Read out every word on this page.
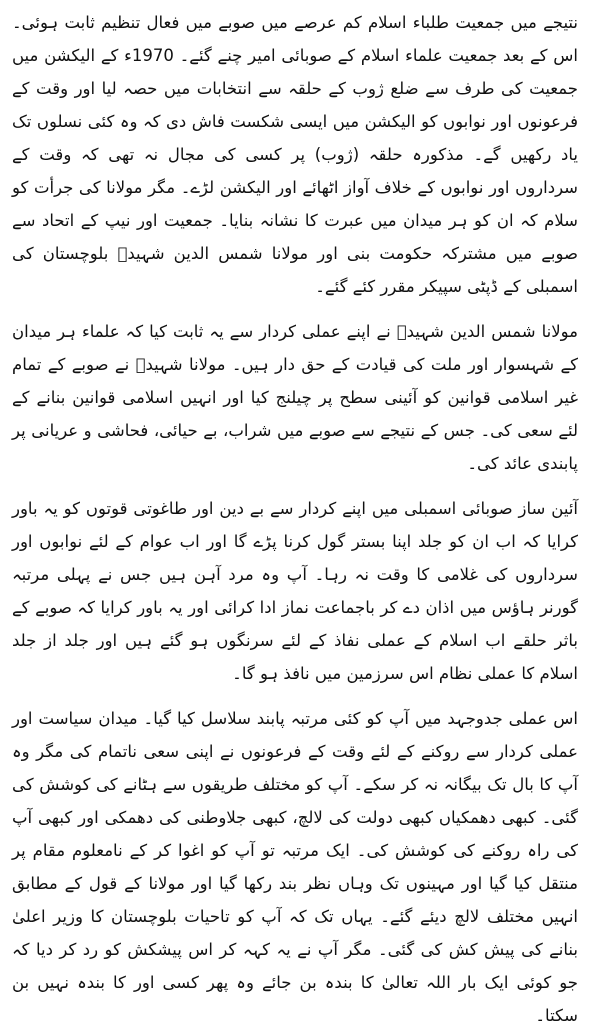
نتیجے میں جمعیت طلباء اسلام کم عرصے میں صوبے میں فعال تنظیم ثابت ہوئی۔ اس کے بعد جمعیت علماء اسلام کے صوبائی امیر چنے گئے۔ 1970ء کے الیکشن میں جمعیت کی طرف سے ضلع ژوب کے حلقہ سے انتخابات میں حصہ لیا اور وقت کے فرعونوں اور نوابوں کو الیکشن میں ایسی شکست فاش دی کہ وہ کئی نسلوں تک یاد رکھیں گے۔ مذکورہ حلقہ (ژوب) پر کسی کی مجال نہ تھی کہ وقت کے سرداروں اور نوابوں کے خلاف آواز اٹھائے اور الیکشن لڑے۔ مگر مولانا کی جرأت کو سلام کہ ان کو ہر میدان میں عبرت کا نشانہ بنایا۔ جمعیت اور نیپ کے اتحاد سے صوبے میں مشترکہ حکومت بنی اور مولانا شمس الدین شہیدؒ بلوچستان کی اسمبلی کے ڈپٹی سپیکر مقرر کئے گئے۔

مولانا شمس الدین شہیدؒ نے اپنے عملی کردار سے یہ ثابت کیا کہ علماء ہر میدان کے شہسوار اور ملت کی قیادت کے حق دار ہیں۔ مولانا شہیدؒ نے صوبے کے تمام غیر اسلامی قوانین کو آئینی سطح پر چیلنج کیا اور انہیں اسلامی قوانین بنانے کے لئے سعی کی۔ جس کے نتیجے سے صوبے میں شراب، بے حیائی، فحاشی و عریانی پر پابندی عائد کی۔

آئین ساز صوبائی اسمبلی میں اپنے کردار سے بے دین اور طاغوتی قوتوں کو یہ باور کرایا کہ اب ان کو جلد اپنا بستر گول کرنا پڑے گا اور اب عوام کے لئے نوابوں اور سرداروں کی غلامی کا وقت نہ رہا۔ آپ وہ مرد آہن ہیں جس نے پہلی مرتبہ گورنر ہاؤس میں اذان دے کر باجماعت نماز ادا کرائی اور یہ باور کرایا کہ صوبے کے باثر حلقے اب اسلام کے عملی نفاذ کے لئے سرنگوں ہو گئے ہیں اور جلد از جلد اسلام کا عملی نظام اس سرزمین میں نافذ ہو گا۔

اس عملی جدوجہد میں آپ کو کئی مرتبہ پابند سلاسل کیا گیا۔ میدان سیاست اور عملی کردار سے روکنے کے لئے وقت کے فرعونوں نے اپنی سعی ناتمام کی مگر وہ آپ کا بال تک بیگانہ نہ کر سکے۔ آپ کو مختلف طریقوں سے ہٹانے کی کوشش کی گئی۔ کبھی دھمکیاں کبھی دولت کی لالچ، کبھی جلاوطنی کی دھمکی اور کبھی آپ کی راہ روکنے کی کوشش کی۔ ایک مرتبہ تو آپ کو اغوا کر کے نامعلوم مقام پر منتقل کیا گیا اور مہینوں تک وہاں نظر بند رکھا گیا اور مولانا کے قول کے مطابق انہیں مختلف لالچ دیئے گئے۔ یہاں تک کہ آپ کو تاحیات بلوچستان کا وزیر اعلیٰ بنانے کی پیش کش کی گئی۔ مگر آپ نے یہ کہہ کر اس پیشکش کو رد کر دیا کہ جو کوئی ایک بار اللہ تعالیٰ کا بندہ بن جائے وہ پھر کسی اور کا بندہ نہیں بن سکتا۔
